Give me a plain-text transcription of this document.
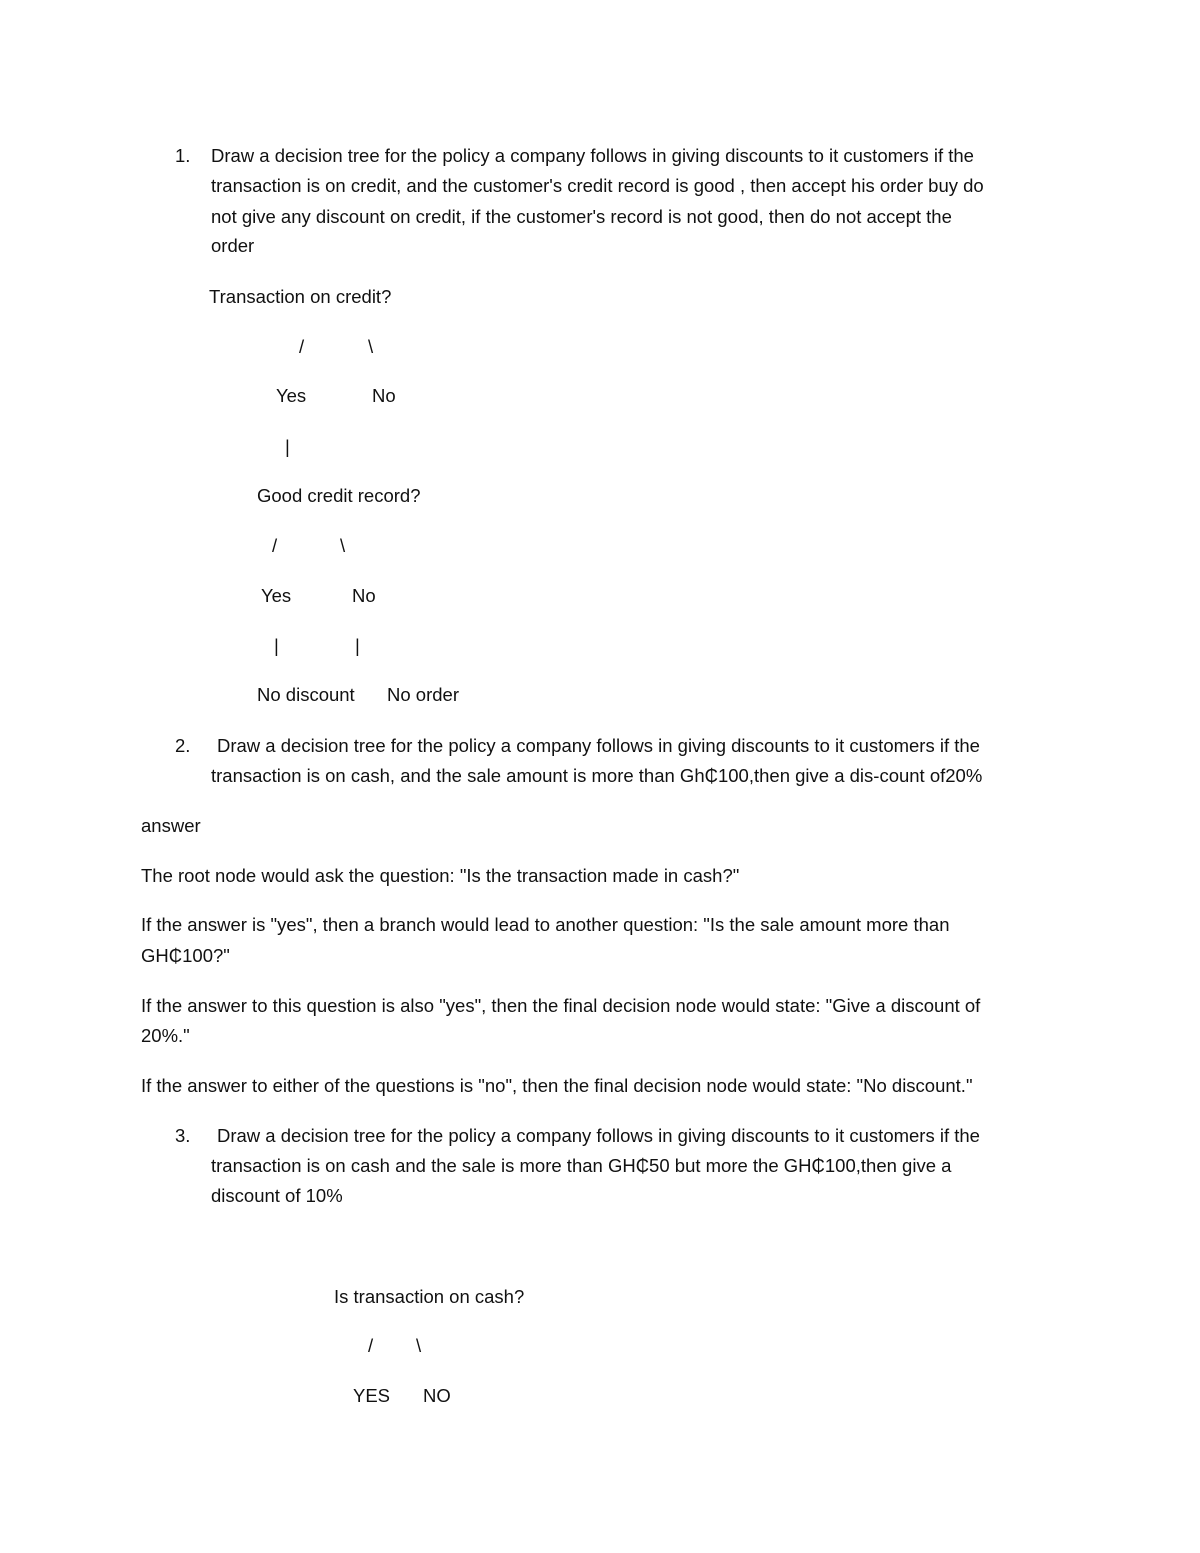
1. Draw a decision tree for the policy a company follows in giving discounts to it customers if the
transaction is on credit, and the customer's credit record is good , then accept his order buy do
not give any discount on credit, if the customer's record is not good, then do not accept the
order
Transaction on credit?
/	\
Yes	No
|
Good credit record?
/	\
Yes	No
|	|
No discount No order
2. Draw a decision tree for the policy a company follows in giving discounts to it customers if the
transaction is on cash, and the sale amount is more than Gh₵100,then give a dis-count of20%
answer
The root node would ask the question: "Is the transaction made in cash?"
If the answer is "yes", then a branch would lead to another question: "Is the sale amount more than
GH₵100?"
If the answer to this question is also "yes", then the final decision node would state: "Give a discount of
20%."
If the answer to either of the questions is "no", then the final decision node would state: "No discount."
3. Draw a decision tree for the policy a company follows in giving discounts to it customers if the
transaction is on cash and the sale is more than GH₵50 but more the GH₵100,then give a
discount of 10%
Is transaction on cash?
/ \
YES NO
